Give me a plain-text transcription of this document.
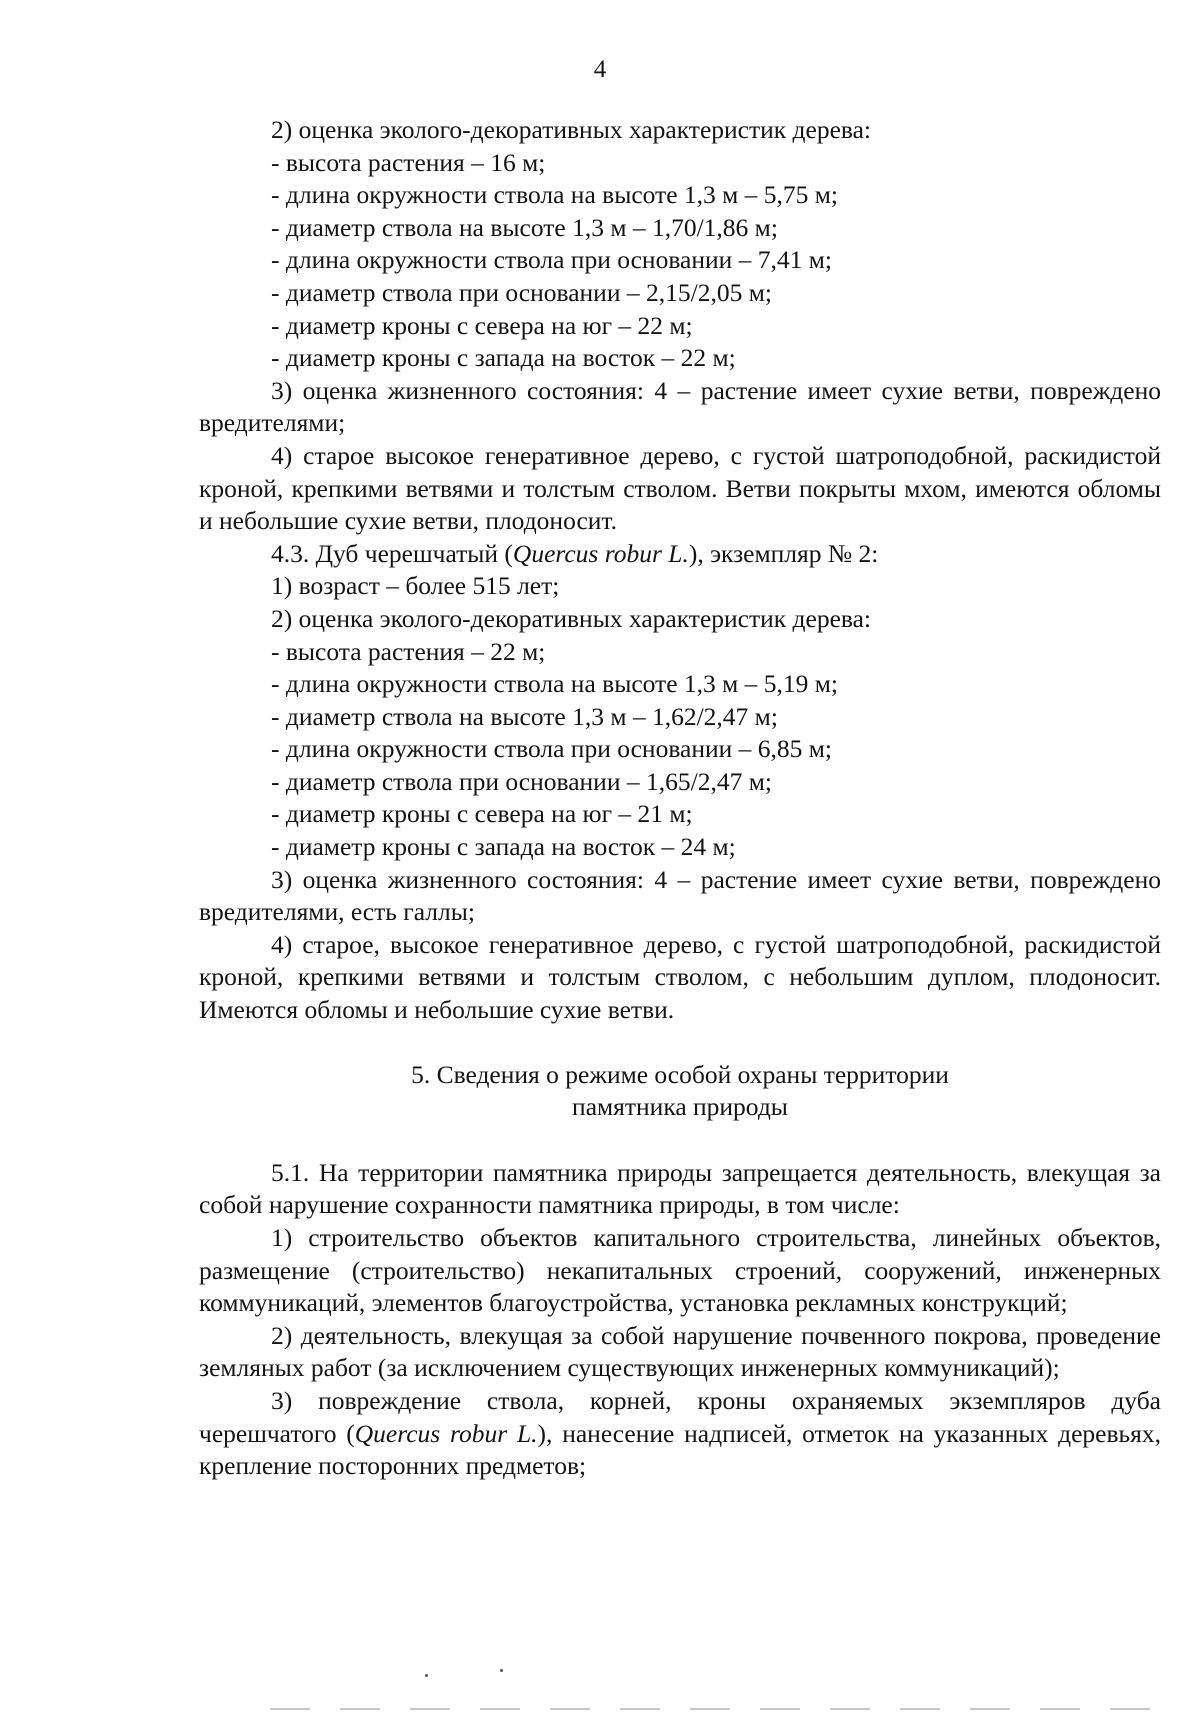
4
2) оценка эколого-декоративных характеристик дерева:
- высота растения – 16 м;
- длина окружности ствола на высоте 1,3 м – 5,75 м;
- диаметр ствола на высоте 1,3 м – 1,70/1,86 м;
- длина окружности ствола при основании – 7,41 м;
- диаметр ствола при основании – 2,15/2,05 м;
- диаметр кроны с севера на юг – 22 м;
- диаметр кроны с запада на восток – 22 м;

3) оценка жизненного состояния: 4 – растение имеет сухие ветви, повреждено вредителями;

4) старое высокое генеративное дерево, с густой шатроподобной, раскидистой кроной, крепкими ветвями и толстым стволом. Ветви покрыты мхом, имеются обломы и небольшие сухие ветви, плодоносит.

4.3. Дуб черешчатый (Quercus robur L.), экземпляр № 2:
1) возраст – более 515 лет;
2) оценка эколого-декоративных характеристик дерева:
- высота растения – 22 м;
- длина окружности ствола на высоте 1,3 м – 5,19 м;
- диаметр ствола на высоте 1,3 м – 1,62/2,47 м;
- длина окружности ствола при основании – 6,85 м;
- диаметр ствола при основании – 1,65/2,47 м;
- диаметр кроны с севера на юг – 21 м;
- диаметр кроны с запада на восток – 24 м;

3) оценка жизненного состояния: 4 – растение имеет сухие ветви, повреждено вредителями, есть галлы;

4) старое, высокое генеративное дерево, с густой шатроподобной, раскидистой кроной, крепкими ветвями и толстым стволом, с небольшим дуплом, плодоносит. Имеются обломы и небольшие сухие ветви.

5. Сведения о режиме особой охраны территории
памятника природы

5.1. На территории памятника природы запрещается деятельность, влекущая за собой нарушение сохранности памятника природы, в том числе:

1) строительство объектов капитального строительства, линейных объектов, размещение (строительство) некапитальных строений, сооружений, инженерных коммуникаций, элементов благоустройства, установка рекламных конструкций;

2) деятельность, влекущая за собой нарушение почвенного покрова, проведение земляных работ (за исключением существующих инженерных коммуникаций);

3) повреждение ствола, корней, кроны охраняемых экземпляров дуба черешчатого (Quercus robur L.), нанесение надписей, отметок на указанных деревьях, крепление посторонних предметов;
